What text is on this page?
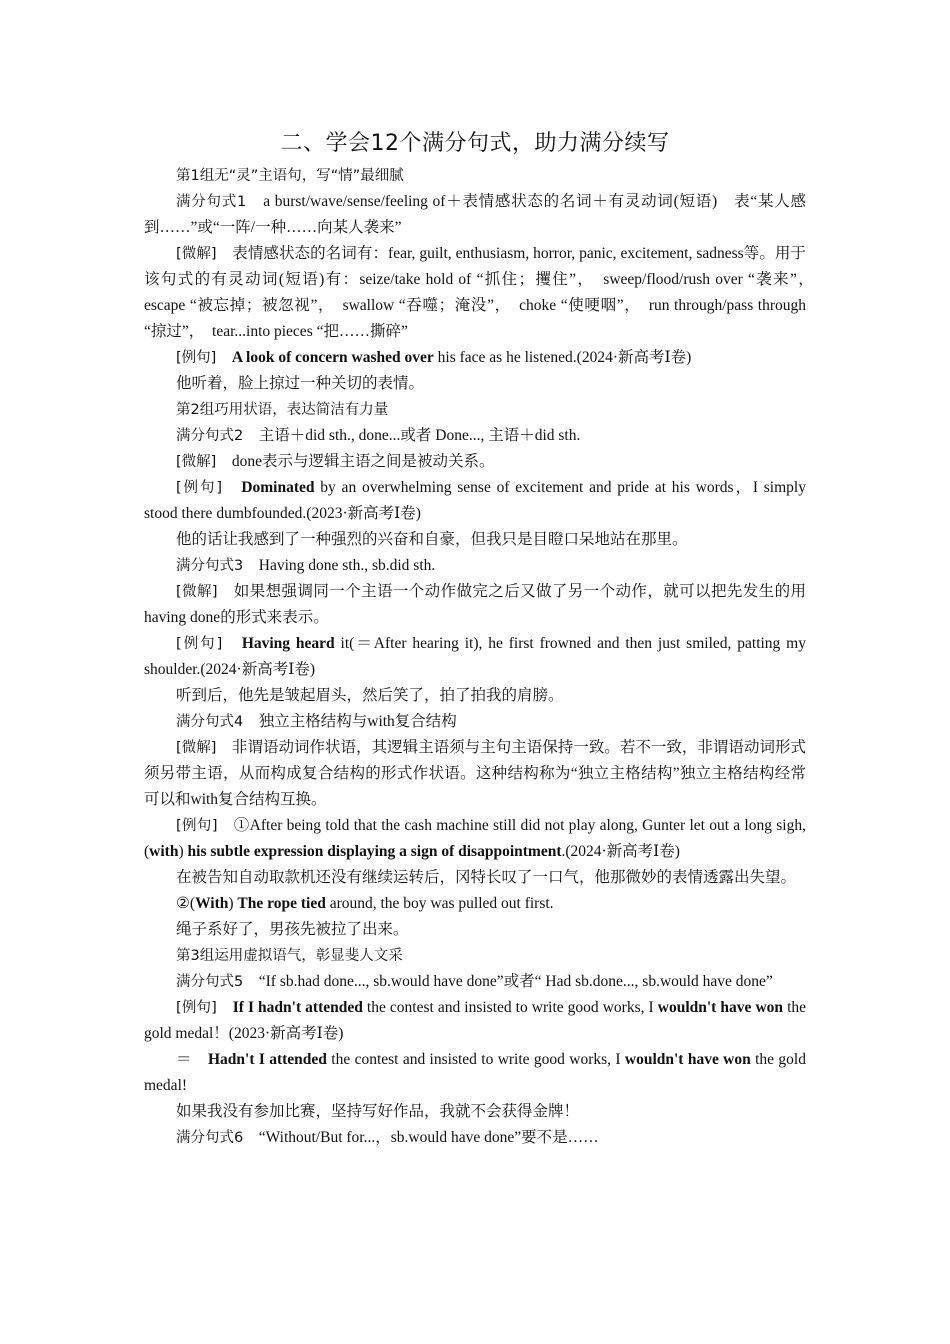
二、学会12个满分句式，助力满分续写

第1组无“灵”主语句，写“情”最细腻

满分句式1　 a burst/wave/sense/feeling of＋表情感状态的名词＋有灵动词(短语)　表“某人感到……”或“一阵/一种……向某人袭来”

[微解]　 表情感状态的名词有：fear, guilt, enthusiasm, horror, panic, excitement, sadness等。用于该句式的有灵动词(短语)有：seize/take hold of “抓住；攫住”，　sweep/flood/rush over “袭来”，　escape “被忘掉；被忽视”，　swallow “吞噬；淹没”，　choke “使哽咽”，　run through/pass through “掠过”，　tear...into pieces “把……撕碎”

[例句]　 A look of concern washed over his face as he listened.(2024·新高考Ⅰ卷)

他听着，脸上掠过一种关切的表情。

第2组巧用状语，表达简洁有力量

满分句式2　 主语＋did sth., done...或者 Done..., 主语＋did sth.

[微解]　 done表示与逻辑主语之间是被动关系。

[例句]　 Dominated by an overwhelming sense of excitement and pride at his words，I simply stood there dumbfounded.(2023·新高考Ⅰ卷)

他的话让我感到了一种强烈的兴奋和自豪，但我只是目瞪口呆地站在那里。

满分句式3　 Having done sth., sb.did sth.

[微解]　 如果想强调同一个主语一个动作做完之后又做了另一个动作，就可以把先发生的用having done的形式来表示。

[例句]　 Having heard it(＝After hearing it), he first frowned and then just smiled, patting my shoulder.(2024·新高考Ⅰ卷)

听到后，他先是皱起眉头，然后笑了，拍了拍我的肩膀。

满分句式4　 独立主格结构与with复合结构

[微解]　 非谓语动词作状语，其逻辑主语须与主句主语保持一致。若不一致，非谓语动词形式须另带主语，从而构成复合结构的形式作状语。这种结构称为“独立主格结构”独立主格结构经常可以和with复合结构互换。

[例句]　 ①After being told that the cash machine still did not play along, Gunter let out a long sigh, (with) his subtle expression displaying a sign of disappointment.(2024·新高考Ⅰ卷)

在被告知自动取款机还没有继续运转后，冈特长叹了一口气，他那微妙的表情透露出失望。

②(With) The rope tied around, the boy was pulled out first.

绳子系好了，男孩先被拉了出来。

第3组运用虚拟语气，彰显斐人文采

满分句式5　 “If sb.had done..., sb.would have done”或者“ Had sb.done..., sb.would have done”

[例句]　 If I hadn't attended the contest and insisted to write good works, I wouldn't have won the gold medal！(2023·新高考Ⅰ卷)

＝　 Hadn't I attended the contest and insisted to write good works, I wouldn't have won the gold medal!

如果我没有参加比赛，坚持写好作品，我就不会获得金牌！

满分句式6　 “Without/But for...，sb.would have done”要不是……
